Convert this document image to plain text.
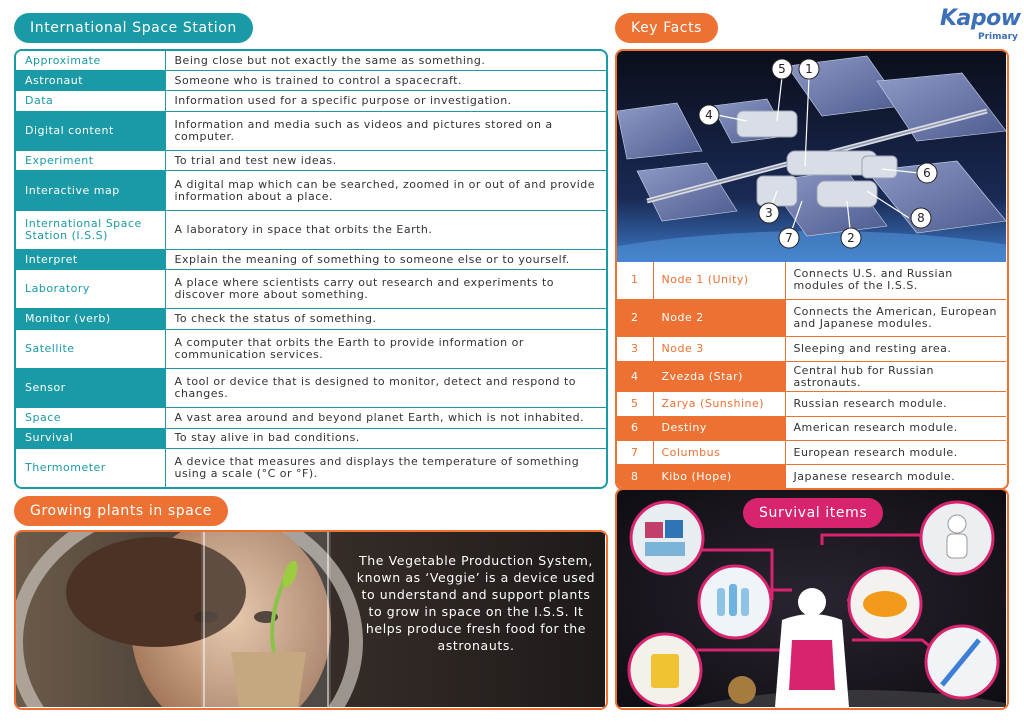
Kapow
Primary
International Space Station
Approximate	Being close but not exactly the same as something.
Astronaut	Someone who is trained to control a spacecraft.
Data	Information used for a specific purpose or investigation.
Digital content	Information and media such as videos and pictures stored on a computer.
Experiment	To trial and test new ideas.
Interactive map	A digital map which can be searched, zoomed in or out of and provide information about a place.
International Space Station (I.S.S)	A laboratory in space that orbits the Earth.
Interpret	Explain the meaning of something to someone else or to yourself.
Laboratory	A place where scientists carry out research and experiments to discover more about something.
Monitor (verb)	To check the status of something.
Satellite	A computer that orbits the Earth to provide information or communication services.
Sensor	A tool or device that is designed to monitor, detect and respond to changes.
Space	A vast area around and beyond planet Earth, which is not inhabited.
Survival	To stay alive in bad conditions.
Thermometer	A device that measures and displays the temperature of something using a scale (°C or °F).
Key Facts
5 1
4
6
3	8
7	2
1	Node 1 (Unity)	Connects U.S. and Russian modules of the I.S.S.
2	Node 2	Connects the American, European and Japanese modules.
3	Node 3	Sleeping and resting area.
4	Zvezda (Star)	Central hub for Russian astronauts.
5	Zarya (Sunshine)	Russian research module.
6	Destiny	American research module.
7	Columbus	European research module.
8	Kibo (Hope)	Japanese research module.
Growing plants in space
The Vegetable Production System, known as ‘Veggie’ is a device used to understand and support plants to grow in space on the I.S.S. It helps produce fresh food for the astronauts.
Survival items
